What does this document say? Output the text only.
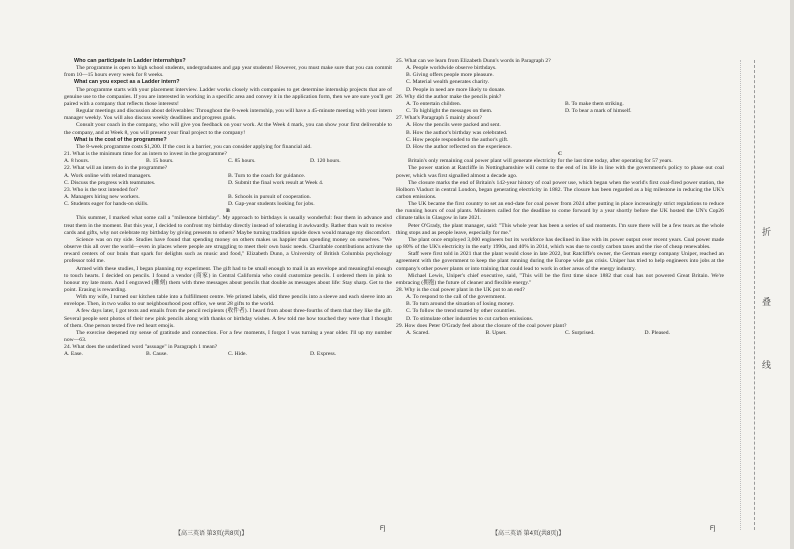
Who can participate in Ladder internships?

The programme is open to high school students, undergraduates and gap year students! However, you must make sure that you can commit from 10—15 hours every week for 8 weeks.

What can you expect as a Ladder intern?

The programme starts with your placement interview. Ladder works closely with companies to get determine internship projects that are of genuine use to the companies. If you are interested in working in a specific area and convey it in the application form, then we are sure you'll get paired with a company that reflects those interests!

Regular meetings and discussion about deliverables: Throughout the 8-week internship, you will have a 45-minute meeting with your intern manager weekly. You will also discuss weekly deadlines and progress goals.

Consult your coach in the company, who will give you feedback on your work. At the Week 4 mark, you can show your first deliverable to the company, and at Week 8, you will present your final project to the company!

What is the cost of the programme?

The 8-week programme costs $1,200. If the cost is a barrier, you can consider applying for financial aid.

21. What is the minimum time for an intern to invest in the programme?

A. 8 hours.	B. 15 hours.	C. 85 hours.	D. 120 hours.

22. What will an intern do in the programme?

A. Work online with related managers.	B. Turn to the coach for guidance.
C. Discuss the progress with teammates.	D. Submit the final work result at Week 4.

23. Who is the text intended for?

A. Managers hiring new workers.	B. Schools in pursuit of cooperation.
C. Students eager for hands-on skills.	D. Gap-year students looking for jobs.

B

This summer, I marked what some call a "milestone birthday". My approach to birthdays is usually wonderful: fear them in advance and treat them in the moment. But this year, I decided to confront my birthday directly instead of tolerating it awkwardly. Rather than wait to receive cards and gifts, why not celebrate my birthday by giving presents to others? Maybe turning tradition upside down would manage my discomfort.

Science was on my side. Studies have found that spending money on others makes us happier than spending money on ourselves. "We observe this all over the world—even in places where people are struggling to meet their own basic needs. Charitable contributions activate the reward centers of our brain that spark for delights such as music and food," Elizabeth Dunn, a University of British Columbia psychology professor told me.

Armed with these studies, I began planning my experiment. The gift had to be small enough to mail in an envelope and meaningful enough to touch hearts. I decided on pencils. I found a vendor (商家) in Central California who could customize pencils. I ordered them in pink to honour my late mom. And I engraved (雕刻) them with three messages about pencils that double as messages about life: Stay sharp. Get to the point. Erasing is rewarding.

With my wife, I turned our kitchen table into a fulfillment centre. We printed labels, slid three pencils into a sleeve and each sleeve into an envelope. Then, in two walks to our neighbourhood post office, we sent 28 gifts to the world.

A few days later, I got texts and emails from the pencil recipients (收件者). I heard from about three-fourths of them that they like the gift. Several people sent photos of their new pink pencils along with thanks or birthday wishes. A few told me how touched they were that I thought of them. One person texted five red heart emojis.

The exercise deepened my sense of gratitude and connection. For a few moments, I forgot I was turning a year older. I'll up my number now—63.

24. What does the underlined word "assuage" in Paragraph 1 mean?

A. Ease.	B. Cause.	C. Hide.	D. Express.

25. What can we learn from Elizabeth Dunn's words in Paragraph 2?

A. People worldwide observe birthdays.

B. Giving offers people more pleasure.

C. Material wealth generates charity.

D. People in need are more likely to donate.

26. Why did the author make the pencils pink?

A. To entertain children.	B. To make them striking.
C. To highlight the messages on them.	D. To bear a mark of himself.

27. What's Paragraph 5 mainly about?

A. How the pencils were packed and sent.

B. How the author's birthday was celebrated.

C. How people responded to the author's gift.

D. How the author reflected on the experience.

C

Britain's only remaining coal power plant will generate electricity for the last time today, after operating for 57 years.

The power station at Ratcliffe in Nottinghamshire will come to the end of its life in line with the government's policy to phase out coal power, which was first signalled almost a decade ago.

The closure marks the end of Britain's 142-year history of coal power use, which began when the world's first coal-fired power station, the Holborn Viaduct in central London, began generating electricity in 1882. The closure has been regarded as a big milestone in reducing the UK's carbon emissions.

The UK became the first country to set an end-date for coal power from 2024 after putting in place increasingly strict regulations to reduce the running hours of coal plants. Ministers called for the deadline to come forward by a year shortly before the UK hosted the UN's Cop26 climate talks in Glasgow in late 2021.

Peter O'Grady, the plant manager, said: "This whole year has been a series of sad moments. I'm sure there will be a few tears as the whole thing stops and as people leave, especially for me."

The plant once employed 3,000 engineers but its workforce has declined in line with its power output over recent years. Coal power made up 80% of the UK's electricity in the early 1990s, and 40% in 2014, which was due to costly carbon taxes and the rise of cheap renewables.

Staff were first told in 2021 that the plant would close in late 2022, but Ratcliffe's owner, the German energy company Uniper, reached an agreement with the government to keep the plant running during the Europe wide gas crisis. Uniper has tried to help engineers into jobs at the company's other power plants or into training that could lead to work in other areas of the energy industry.

Michael Lewis, Uniper's chief executive, said, "This will be the first time since 1882 that coal has not powered Great Britain. We're embracing (拥抱) the future of cleaner and flexible energy."

28. Why is the coal power plant in the UK put to an end?

A. To respond to the call of the government.

B. To turn around the situation of losing money.

C. To follow the trend started by other countries.

D. To stimulate other industries to cut carbon emissions.

29. How does Peter O'Grady feel about the closure of the coal power plant?

A. Scared.	B. Upset.	C. Surprised.	D. Pleased.
【高三英语 第3页(共8页)】	【高三英语 第4页(共8页)】
F]	F]
折
叠
线
